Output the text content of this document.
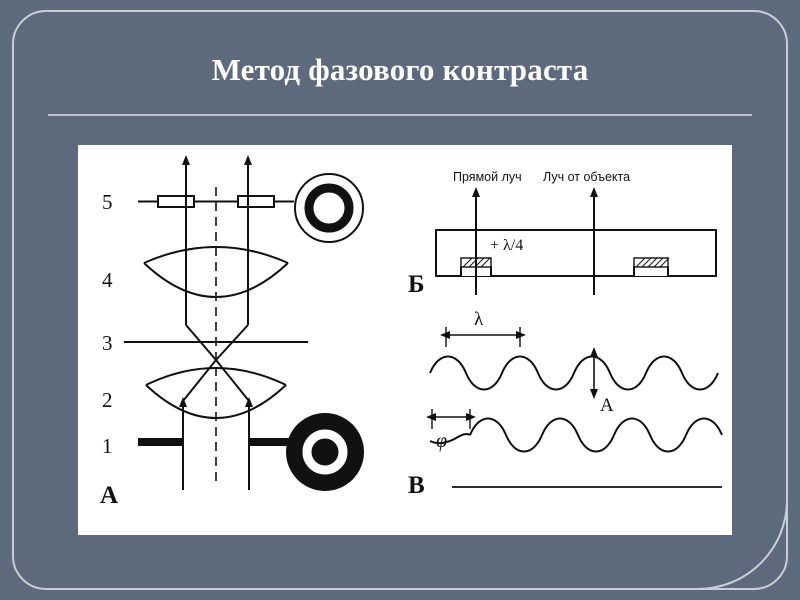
Метод фазового контраста
5
4
3
2
1
А
Прямой луч Луч от объекта
+ λ/4
Б
λ
A
φ
В
